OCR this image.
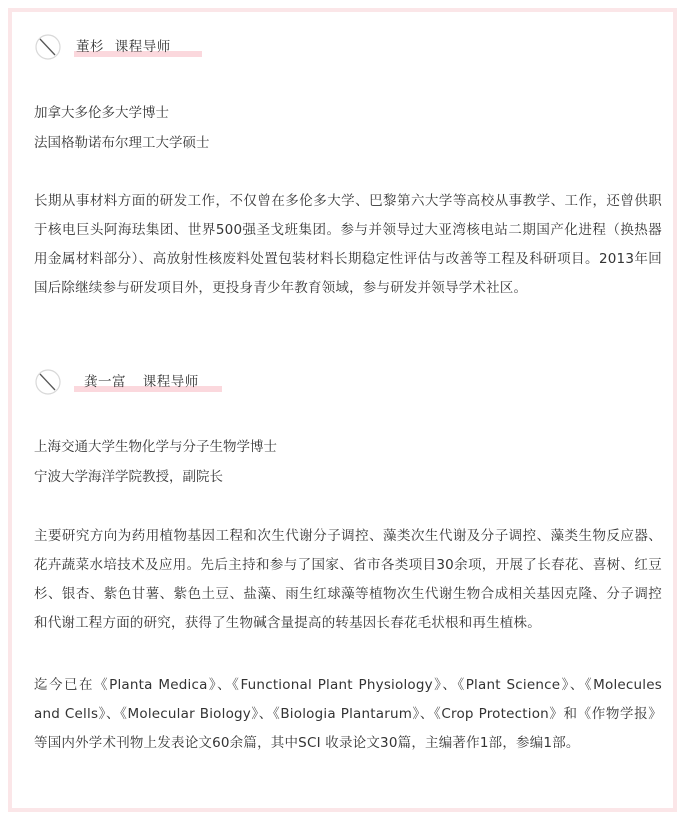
董杉 课程导师
加拿大多伦多大学博士
法国格勒诺布尔理工大学硕士
长期从事材料方面的研发工作，不仅曾在多伦多大学、巴黎第六大学等高校从事教学、工作，还曾供职于核电巨头阿海珐集团、世界500强圣戈班集团。参与并领导过大亚湾核电站二期国产化进程（换热器用金属材料部分）、高放射性核废料处置包装材料长期稳定性评估与改善等工程及科研项目。2013年回国后除继续参与研发项目外，更投身青少年教育领域，参与研发并领导学术社区。
龚一富 课程导师
上海交通大学生物化学与分子生物学博士
宁波大学海洋学院教授，副院长
主要研究方向为药用植物基因工程和次生代谢分子调控、藻类次生代谢及分子调控、藻类生物反应器、花卉蔬菜水培技术及应用。先后主持和参与了国家、省市各类项目30余项，开展了长春花、喜树、红豆杉、银杏、紫色甘薯、紫色土豆、盐藻、雨生红球藻等植物次生代谢生物合成相关基因克隆、分子调控和代谢工程方面的研究，获得了生物碱含量提高的转基因长春花毛状根和再生植株。
迄今已在《Planta Medica》、《Functional Plant Physiology》、《Plant Science》、《Molecules and Cells》、《Molecular Biology》、《Biologia Plantarum》、《Crop Protection》和《作物学报》等国内外学术刊物上发表论文60余篇，其中SCI 收录论文30篇，主编著作1部，参编1部。
